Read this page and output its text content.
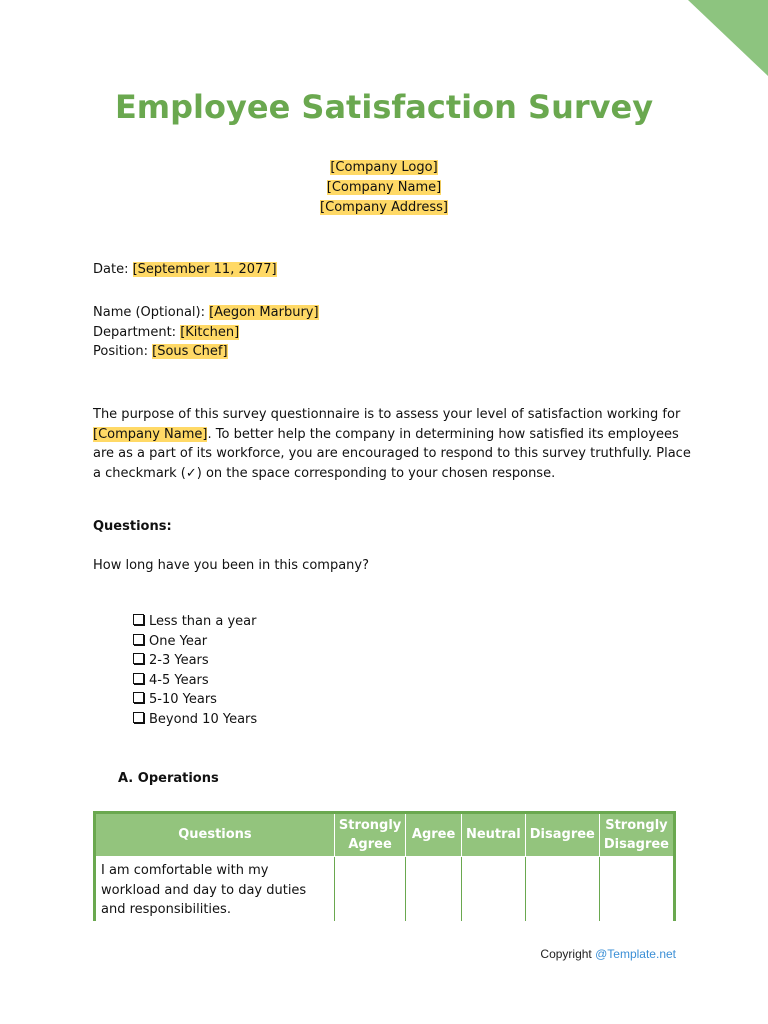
Employee Satisfaction Survey
[Company Logo]
[Company Name]
[Company Address]
Date: [September 11, 2077]
Name (Optional): [Aegon Marbury]
Department: [Kitchen]
Position: [Sous Chef]
The purpose of this survey questionnaire is to assess your level of satisfaction working for [Company Name]. To better help the company in determining how satisfied its employees are as a part of its workforce, you are encouraged to respond to this survey truthfully. Place a checkmark (✓) on the space corresponding to your chosen response.
Questions:
How long have you been in this company?
Less than a year
One Year
2-3 Years
4-5 Years
5-10 Years
Beyond 10 Years
A. Operations
Questions	Strongly Agree	Agree	Neutral	Disagree	Strongly Disagree
I am comfortable with my workload and day to day duties and responsibilities.					
Copyright @Template.net
